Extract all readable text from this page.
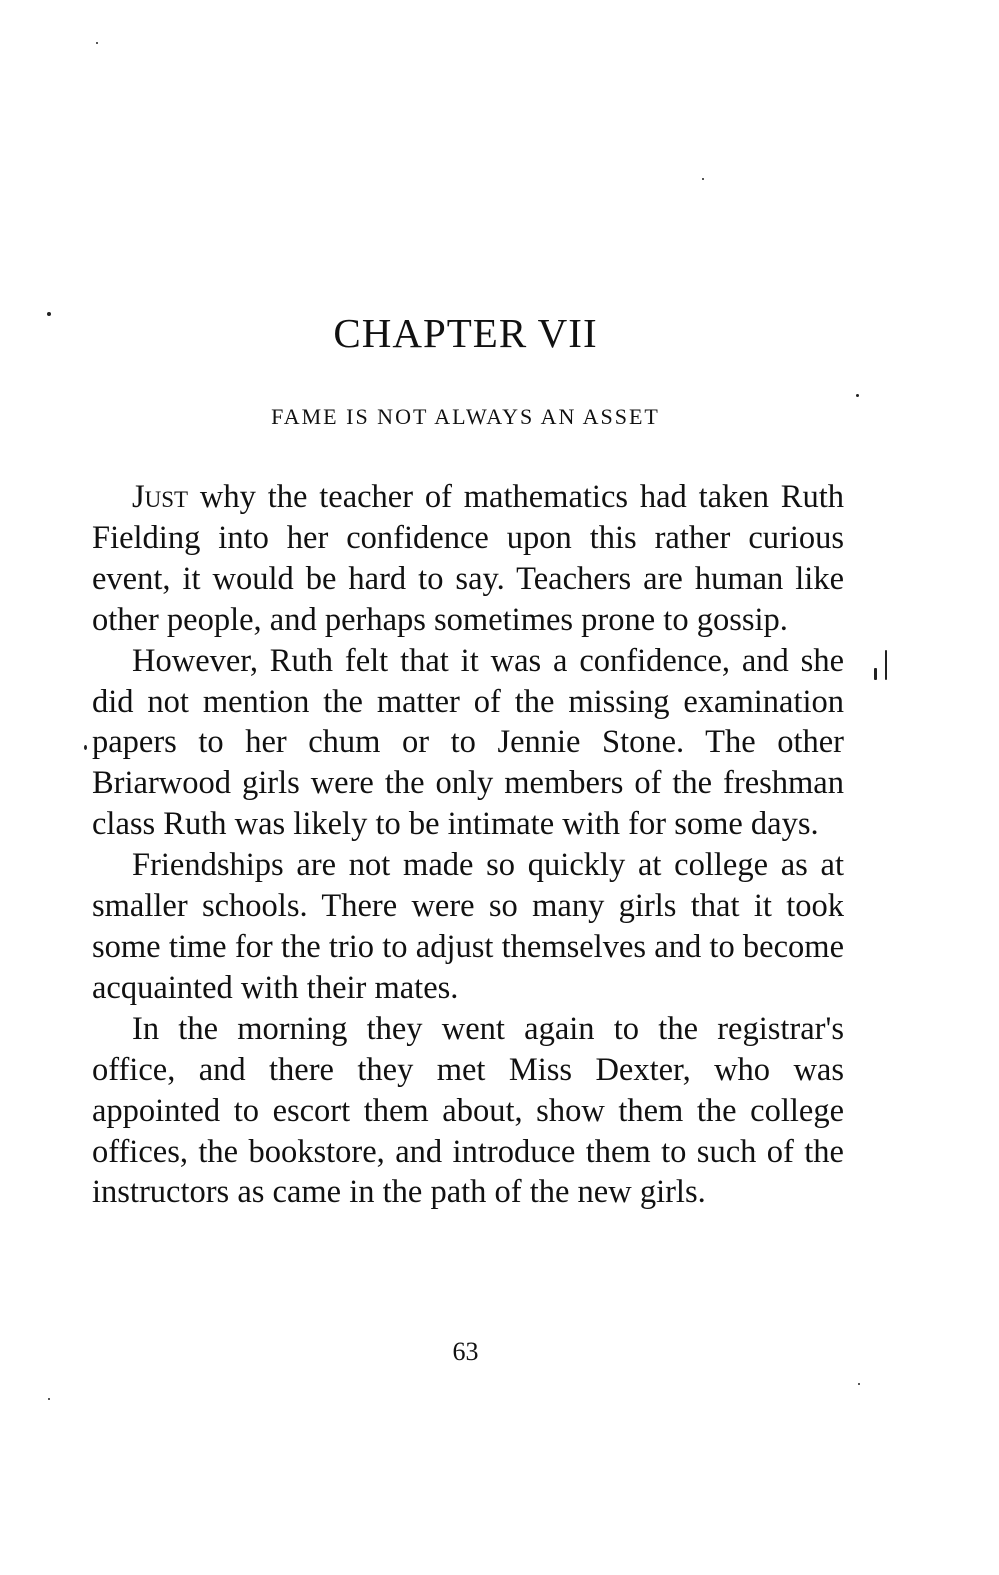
CHAPTER VII
FAME IS NOT ALWAYS AN ASSET

Just why the teacher of mathematics had taken Ruth Fielding into her confidence upon this rather curious event, it would be hard to say. Teachers are human like other people, and perhaps sometimes prone to gossip.

However, Ruth felt that it was a confidence, and she did not mention the matter of the missing examination papers to her chum or to Jennie Stone. The other Briarwood girls were the only members of the freshman class Ruth was likely to be intimate with for some days.

Friendships are not made so quickly at college as at smaller schools. There were so many girls that it took some time for the trio to adjust themselves and to become acquainted with their mates.

In the morning they went again to the registrar's office, and there they met Miss Dexter, who was appointed to escort them about, show them the college offices, the bookstore, and introduce them to such of the instructors as came in the path of the new girls.

63
